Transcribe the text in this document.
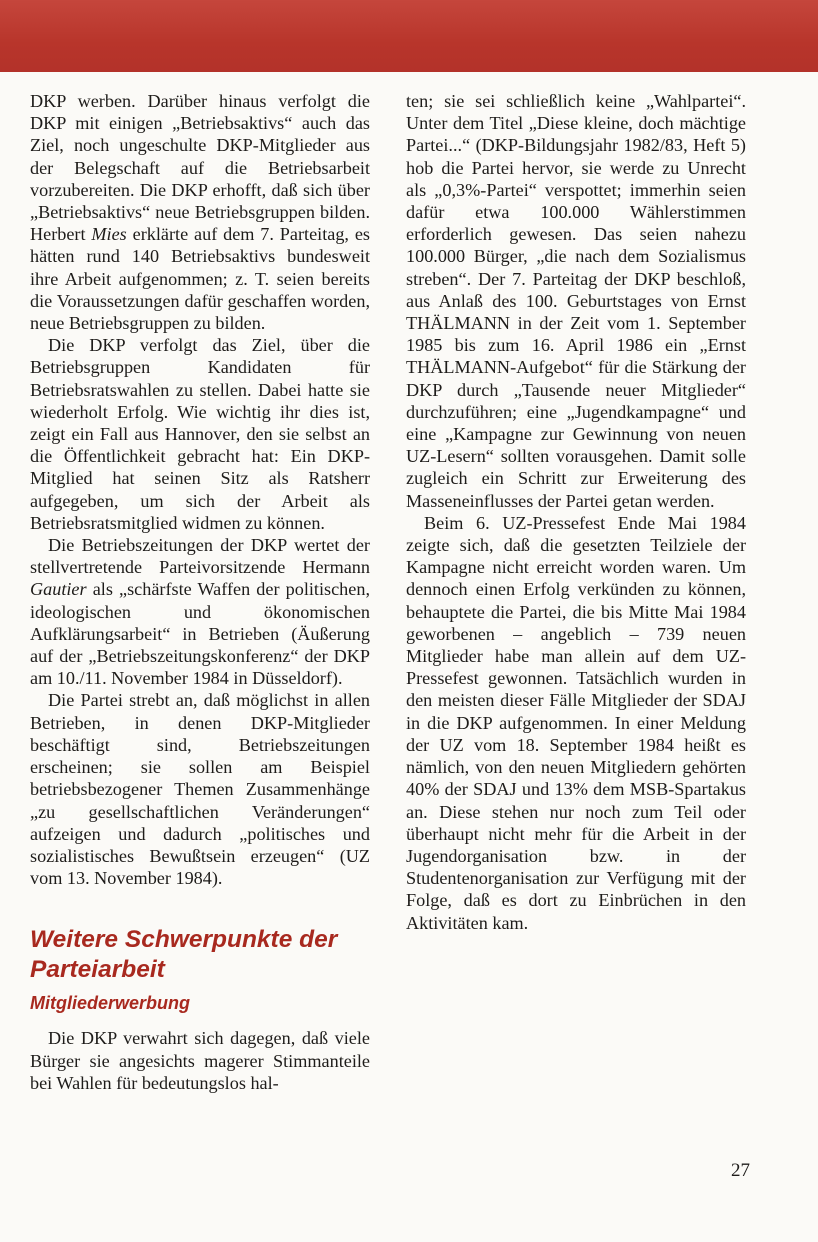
DKP werben. Darüber hinaus verfolgt die DKP mit einigen „Betriebsaktivs“ auch das Ziel, noch ungeschulte DKP-Mitglieder aus der Belegschaft auf die Betriebsarbeit vorzubereiten. Die DKP erhofft, daß sich über „Betriebsaktivs“ neue Betriebsgruppen bilden. Herbert Mies erklärte auf dem 7. Parteitag, es hätten rund 140 Betriebsaktivs bundesweit ihre Arbeit aufgenommen; z. T. seien bereits die Voraussetzungen dafür geschaffen worden, neue Betriebsgruppen zu bilden.

Die DKP verfolgt das Ziel, über die Betriebsgruppen Kandidaten für Betriebsratswahlen zu stellen. Dabei hatte sie wiederholt Erfolg. Wie wichtig ihr dies ist, zeigt ein Fall aus Hannover, den sie selbst an die Öffentlichkeit gebracht hat: Ein DKP-Mitglied hat seinen Sitz als Ratsherr aufgegeben, um sich der Arbeit als Betriebsratsmitglied widmen zu können.

Die Betriebszeitungen der DKP wertet der stellvertretende Parteivorsitzende Hermann Gautier als „schärfste Waffen der politischen, ideologischen und ökonomischen Aufklärungsarbeit“ in Betrieben (Äußerung auf der „Betriebszeitungskonferenz“ der DKP am 10./11. November 1984 in Düsseldorf).

Die Partei strebt an, daß möglichst in allen Betrieben, in denen DKP-Mitglieder beschäftigt sind, Betriebszeitungen erscheinen; sie sollen am Beispiel betriebsbezogener Themen Zusammenhänge „zu gesellschaftlichen Veränderungen“ aufzeigen und dadurch „politisches und sozialistisches Bewußtsein erzeugen“ (UZ vom 13. November 1984).

Weitere Schwerpunkte der Parteiarbeit
Mitgliederwerbung

Die DKP verwahrt sich dagegen, daß viele Bürger sie angesichts magerer Stimmanteile bei Wahlen für bedeutungslos hal-

ten; sie sei schließlich keine „Wahlpartei“. Unter dem Titel „Diese kleine, doch mächtige Partei...“ (DKP-Bildungsjahr 1982/83, Heft 5) hob die Partei hervor, sie werde zu Unrecht als „0,3%-Partei“ verspottet; immerhin seien dafür etwa 100.000 Wählerstimmen erforderlich gewesen. Das seien nahezu 100.000 Bürger, „die nach dem Sozialismus streben“. Der 7. Parteitag der DKP beschloß, aus Anlaß des 100. Geburtstages von Ernst THÄLMANN in der Zeit vom 1. September 1985 bis zum 16. April 1986 ein „Ernst THÄLMANN-Aufgebot“ für die Stärkung der DKP durch „Tausende neuer Mitglieder“ durchzuführen; eine „Jugendkampagne“ und eine „Kampagne zur Gewinnung von neuen UZ-Lesern“ sollten vorausgehen. Damit solle zugleich ein Schritt zur Erweiterung des Masseneinflusses der Partei getan werden.

Beim 6. UZ-Pressefest Ende Mai 1984 zeigte sich, daß die gesetzten Teilziele der Kampagne nicht erreicht worden waren. Um dennoch einen Erfolg verkünden zu können, behauptete die Partei, die bis Mitte Mai 1984 geworbenen – angeblich – 739 neuen Mitglieder habe man allein auf dem UZ-Pressefest gewonnen. Tatsächlich wurden in den meisten dieser Fälle Mitglieder der SDAJ in die DKP aufgenommen. In einer Meldung der UZ vom 18. September 1984 heißt es nämlich, von den neuen Mitgliedern gehörten 40% der SDAJ und 13% dem MSB-Spartakus an. Diese stehen nur noch zum Teil oder überhaupt nicht mehr für die Arbeit in der Jugendorganisation bzw. in der Studentenorganisation zur Verfügung mit der Folge, daß es dort zu Einbrüchen in den Aktivitäten kam.

27
